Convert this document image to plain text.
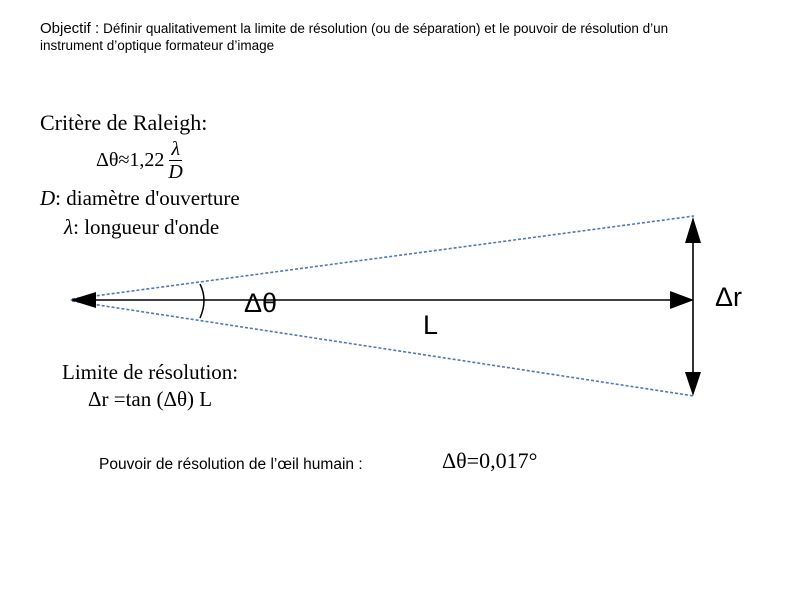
Objectif : Définir qualitativement la limite de résolution (ou de séparation) et le pouvoir de résolution d’un instrument d’optique formateur d’image
Critère de Raleigh:
$\Delta\theta\approx 1,22 \frac{\lambda}{D}$
D: diamètre d'ouverture
λ: longueur d'onde
Δθ
L
Δr
Limite de résolution:
Δr =tan (Δθ) L
Pouvoir de résolution de l’œil humain :	Δθ=0,017°
